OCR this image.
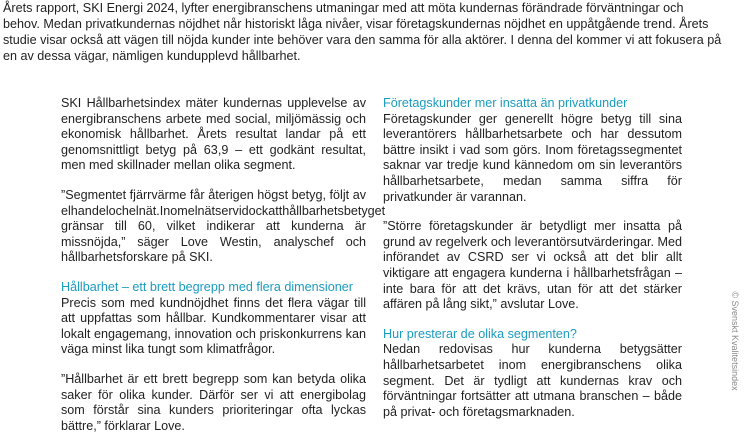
Årets rapport, SKI Energi 2024, lyfter energibranschens utmaningar med att möta kundernas förändrade förväntningar och behov. Medan privatkundernas nöjdhet når historiskt låga nivåer, visar företagskundernas nöjdhet en uppåtgående trend. Årets studie visar också att vägen till nöjda kunder inte behöver vara den samma för alla aktörer. I denna del kommer vi att fokusera på en av dessa vägar, nämligen kundupplevd hållbarhet.

SKI Hållbarhetsindex mäter kundernas upplevelse av energibranschens arbete med social, miljömässig och ekonomisk hållbarhet. Årets resultat landar på ett genomsnittligt betyg på 63,9 – ett godkänt resultat, men med skillnader mellan olika segment.

”Segmentet fjärrvärme får återigen högst betyg, följt av elhandelochelnät.Inomelnätservidockatthållbarhetsbetyget gränsar till 60, vilket indikerar att kunderna är missnöjda,” säger Love Westin, analyschef och hållbarhetsforskare på SKI.

Hållbarhet – ett brett begrepp med flera dimensioner

Precis som med kundnöjdhet finns det flera vägar till att uppfattas som hållbar. Kundkommentarer visar att lokalt engagemang, innovation och priskonkurrens kan väga minst lika tungt som klimatfrågor.

”Hållbarhet är ett brett begrepp som kan betyda olika saker för olika kunder. Därför ser vi att energibolag som förstår sina kunders prioriteringar ofta lyckas bättre,” förklarar Love.

Företagskunder mer insatta än privatkunder

Företagskunder ger generellt högre betyg till sina leverantörers hållbarhetsarbete och har dessutom bättre insikt i vad som görs. Inom företagssegmentet saknar var tredje kund kännedom om sin leverantörs hållbarhetsarbete, medan samma siffra för privatkunder är varannan.

”Större företagskunder är betydligt mer insatta på grund av regelverk och leverantörsutvärderingar. Med införandet av CSRD ser vi också att det blir allt viktigare att engagera kunderna i hållbarhetsfrågan – inte bara för att det krävs, utan för att det stärker affären på lång sikt,” avslutar Love.

Hur presterar de olika segmenten?

Nedan redovisas hur kunderna betygsätter hållbarhetsarbetet inom energibranschens olika segment. Det är tydligt att kundernas krav och förväntningar fortsätter att utmana branschen – både på privat- och företagsmarknaden.

© Svenskt Kvalitetsindex
